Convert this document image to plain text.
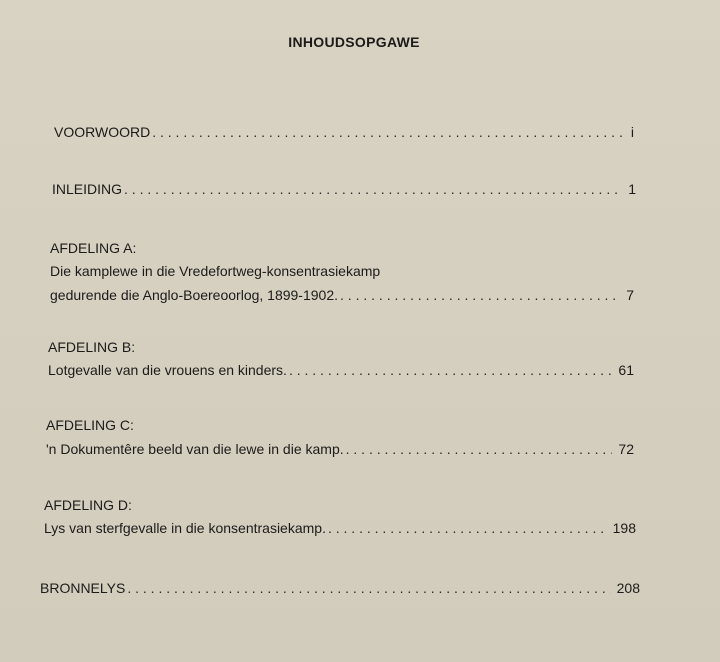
INHOUDSOPGAWE
VOORWOORD . . .	i
INLEIDING . . .	1
AFDELING A:
Die kamplewe in die Vredefortweg-konsentrasiekamp
gedurende die Anglo-Boereoorlog, 1899-1902. . . .	7
AFDELING B:
Lotgevalle van die vrouens en kinders. . . .	61
AFDELING C:
'n Dokumentêre beeld van die lewe in die kamp. . . .	72
AFDELING D:
Lys van sterfgevalle in die konsentrasiekamp. . . .	198
BRONNELYS . . .	208
